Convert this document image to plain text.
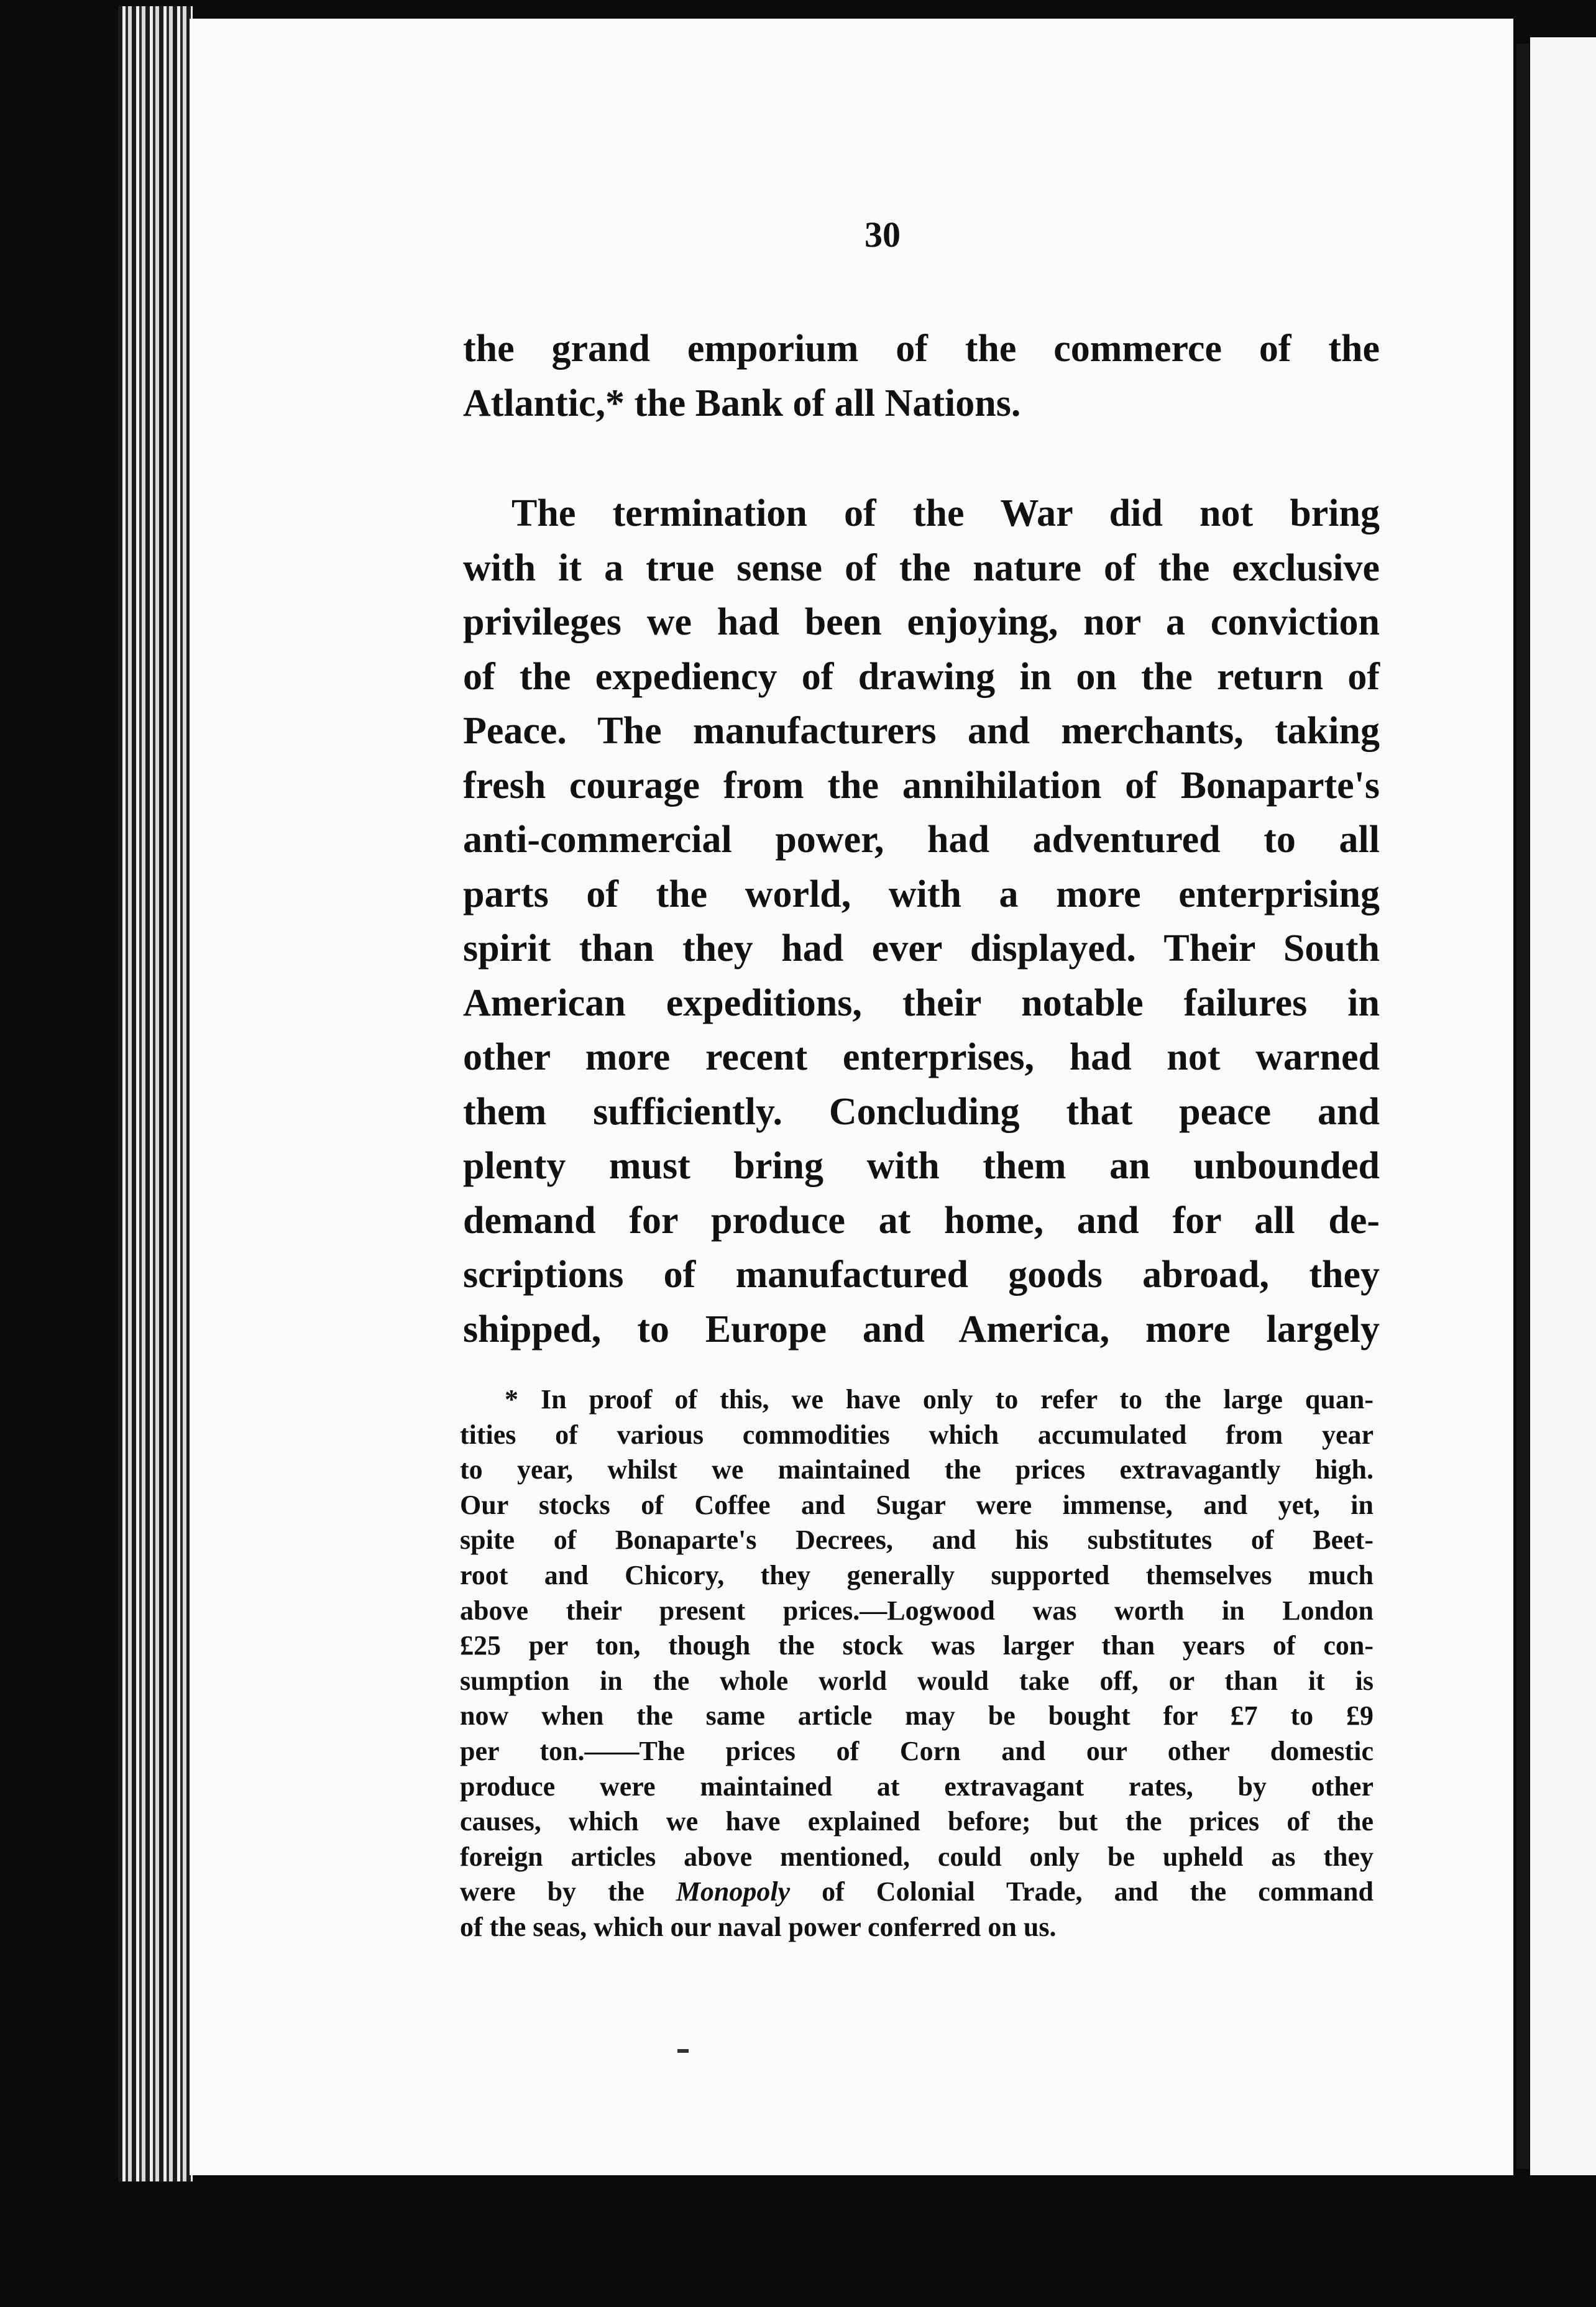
30
the grand emporium of the commerce of the
Atlantic,* the Bank of all Nations.
The termination of the War did not bring
with it a true sense of the nature of the exclusive
privileges we had been enjoying, nor a conviction
of the expediency of drawing in on the return of
Peace. The manufacturers and merchants, taking
fresh courage from the annihilation of Bonaparte's
anti-commercial power, had adventured to all
parts of the world, with a more enterprising
spirit than they had ever displayed. Their South
American expeditions, their notable failures in
other more recent enterprises, had not warned
them sufficiently. Concluding that peace and
plenty must bring with them an unbounded
demand for produce at home, and for all de-
scriptions of manufactured goods abroad, they
shipped, to Europe and America, more largely
* In proof of this, we have only to refer to the large quan-
tities of various commodities which accumulated from year
to year, whilst we maintained the prices extravagantly high.
Our stocks of Coffee and Sugar were immense, and yet, in
spite of Bonaparte's Decrees, and his substitutes of Beet-
root and Chicory, they generally supported themselves much
above their present prices.—Logwood was worth in London
£25 per ton, though the stock was larger than years of con-
sumption in the whole world would take off, or than it is
now when the same article may be bought for £7 to £9
per ton.——The prices of Corn and our other domestic
produce were maintained at extravagant rates, by other
causes, which we have explained before; but the prices of the
foreign articles above mentioned, could only be upheld as they
were by the Monopoly of Colonial Trade, and the command
of the seas, which our naval power conferred on us.
